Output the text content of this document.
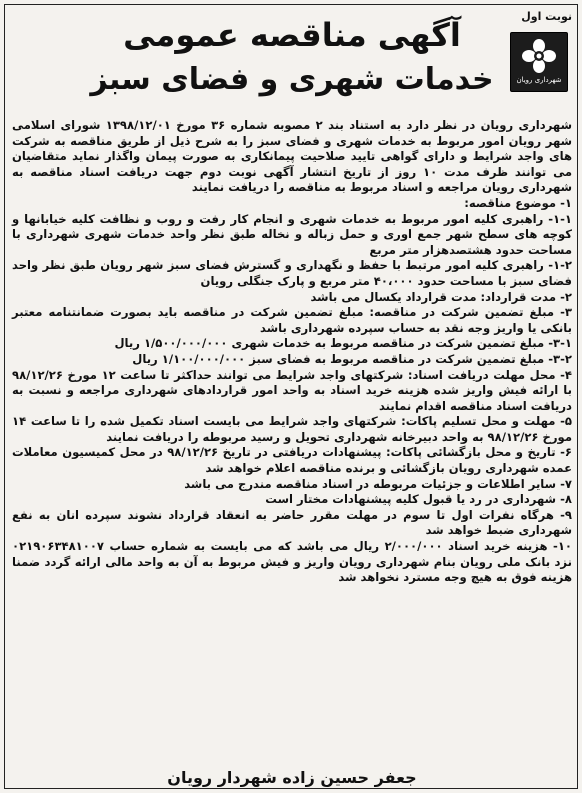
نوبت اول
شهرداری رویان
آگهی مناقصه عمومی
خدمات شهری و فضای سبز

شهرداری رویان در نظر دارد به استناد بند ۲ مصوبه شماره ۳۶ مورخ ۱۳۹۸/۱۲/۰۱ شورای اسلامی شهر رویان امور مربوط به خدمات شهری و فضای سبز را به شرح ذیل از طریق مناقصه به شرکت های واجد شرایط و دارای گواهی تایید صلاحیت پیمانکاری به صورت پیمان واگذار نماید متقاضیان می توانند ظرف مدت ۱۰ روز از تاریخ انتشار آگهی نوبت دوم جهت دریافت اسناد مناقصه به شهرداری رویان مراجعه و اسناد مربوط به مناقصه را دریافت نمایند

۱- موضوع مناقصه:

۱-۱- راهبری کلیه امور مربوط به خدمات شهری و انجام کار رفت و روب و نظافت کلیه خیابانها و کوچه های سطح شهر جمع اوری و حمل زباله و نخاله طبق نظر واحد خدمات شهری شهرداری با مساحت حدود هشتصدهزار متر مربع

۱-۲- راهبری کلیه امور مرتبط با حفظ و نگهداری و گسترش فضای سبز شهر رویان طبق نظر واحد فضای سبز با مساحت حدود ۴۰،۰۰۰ متر مربع و پارک جنگلی رویان

۲- مدت قرارداد: مدت قرارداد یکسال می باشد

۳- مبلغ تضمین شرکت در مناقصه: مبلغ تضمین شرکت در مناقصه باید بصورت ضمانتنامه معتبر بانکی یا واریز وجه نقد به حساب سپرده شهرداری باشد

۳-۱- مبلغ تضمین شرکت در مناقصه مربوط به خدمات شهری ۱/۵۰۰/۰۰۰/۰۰۰ ریال

۳-۲- مبلغ تضمین شرکت در مناقصه مربوط به فضای سبز ۱/۱۰۰/۰۰۰/۰۰۰ ریال

۴- محل مهلت دریافت اسناد: شرکتهای واجد شرایط می توانند حداکثر تا ساعت ۱۲ مورخ ۹۸/۱۲/۲۶ با ارائه فیش واریز شده هزینه خرید اسناد به واحد امور قراردادهای شهرداری مراجعه و نسبت به دریافت اسناد مناقصه اقدام نمایند

۵- مهلت و محل تسلیم پاکات: شرکتهای واجد شرایط می بایست اسناد تکمیل شده را تا ساعت ۱۴ مورخ ۹۸/۱۲/۲۶ به واحد دبیرخانه شهرداری تحویل و رسید مربوطه را دریافت نمایند

۶- تاریخ و محل بازگشائی پاکات: پیشنهادات دریافتی در تاریخ ۹۸/۱۲/۲۶ در محل کمیسیون معاملات عمده شهرداری رویان بازگشائی و برنده مناقصه اعلام خواهد شد

۷- سایر اطلاعات و جزئیات مربوطه در اسناد مناقصه مندرج می باشد

۸- شهرداری در رد یا قبول کلیه پیشنهادات مختار است

۹- هرگاه نفرات اول تا سوم در مهلت مقرر حاضر به انعقاد قرارداد نشوند سپرده انان به نفع شهرداری ضبط خواهد شد

۱۰- هزینه خرید اسناد ۲/۰۰۰/۰۰۰ ریال می باشد که می بایست به شماره حساب ۰۲۱۹۰۶۳۴۸۱۰۰۷ نزد بانک ملی رویان بنام شهرداری رویان واریز و فیش مربوط به آن به واحد مالی ارائه گردد ضمنا هزینه فوق به هیچ وجه مسترد نخواهد شد

جعفر حسین زاده شهردار رویان
